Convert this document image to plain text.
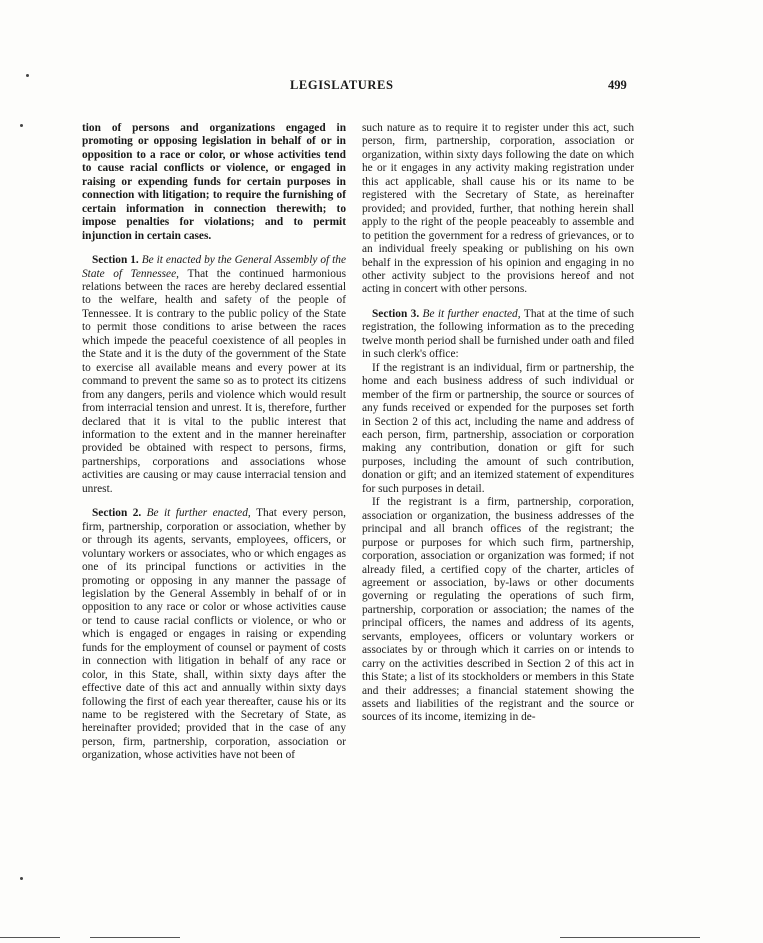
LEGISLATURES	499

tion of persons and organizations engaged in promoting or opposing legislation in behalf of or in opposition to a race or color, or whose activities tend to cause racial conflicts or violence, or engaged in raising or expending funds for certain purposes in connection with litigation; to require the furnishing of certain information in connection therewith; to impose penalties for violations; and to permit injunction in certain cases.

Section 1. Be it enacted by the General Assembly of the State of Tennessee, That the continued harmonious relations between the races are hereby declared essential to the welfare, health and safety of the people of Tennessee. It is contrary to the public policy of the State to permit those conditions to arise between the races which impede the peaceful coexistence of all peoples in the State and it is the duty of the government of the State to exercise all available means and every power at its command to prevent the same so as to protect its citizens from any dangers, perils and violence which would result from interracial tension and unrest. It is, therefore, further declared that it is vital to the public interest that information to the extent and in the manner hereinafter provided be obtained with respect to persons, firms, partnerships, corporations and associations whose activities are causing or may cause interracial tension and unrest.

Section 2. Be it further enacted, That every person, firm, partnership, corporation or association, whether by or through its agents, servants, employees, officers, or voluntary workers or associates, who or which engages as one of its principal functions or activities in the promoting or opposing in any manner the passage of legislation by the General Assembly in behalf of or in opposition to any race or color or whose activities cause or tend to cause racial conflicts or violence, or who or which is engaged or engages in raising or expending funds for the employment of counsel or payment of costs in connection with litigation in behalf of any race or color, in this State, shall, within sixty days after the effective date of this act and annually within sixty days following the first of each year thereafter, cause his or its name to be registered with the Secretary of State, as hereinafter provided; provided that in the case of any person, firm, partnership, corporation, association or organization, whose activities have not been of

such nature as to require it to register under this act, such person, firm, partnership, corporation, association or organization, within sixty days following the date on which he or it engages in any activity making registration under this act applicable, shall cause his or its name to be registered with the Secretary of State, as hereinafter provided; and provided, further, that nothing herein shall apply to the right of the people peaceably to assemble and to petition the government for a redress of grievances, or to an individual freely speaking or publishing on his own behalf in the expression of his opinion and engaging in no other activity subject to the provisions hereof and not acting in concert with other persons.

Section 3. Be it further enacted, That at the time of such registration, the following information as to the preceding twelve month period shall be furnished under oath and filed in such clerk's office:

If the registrant is an individual, firm or partnership, the home and each business address of such individual or member of the firm or partnership, the source or sources of any funds received or expended for the purposes set forth in Section 2 of this act, including the name and address of each person, firm, partnership, association or corporation making any contribution, donation or gift for such purposes, including the amount of such contribution, donation or gift; and an itemized statement of expenditures for such purposes in detail.

If the registrant is a firm, partnership, corporation, association or organization, the business addresses of the principal and all branch offices of the registrant; the purpose or purposes for which such firm, partnership, corporation, association or organization was formed; if not already filed, a certified copy of the charter, articles of agreement or association, by-laws or other documents governing or regulating the operations of such firm, partnership, corporation or association; the names of the principal officers, the names and address of its agents, servants, employees, officers or voluntary workers or associates by or through which it carries on or intends to carry on the activities described in Section 2 of this act in this State; a list of its stockholders or members in this State and their addresses; a financial statement showing the assets and liabilities of the registrant and the source or sources of its income, itemizing in de-
